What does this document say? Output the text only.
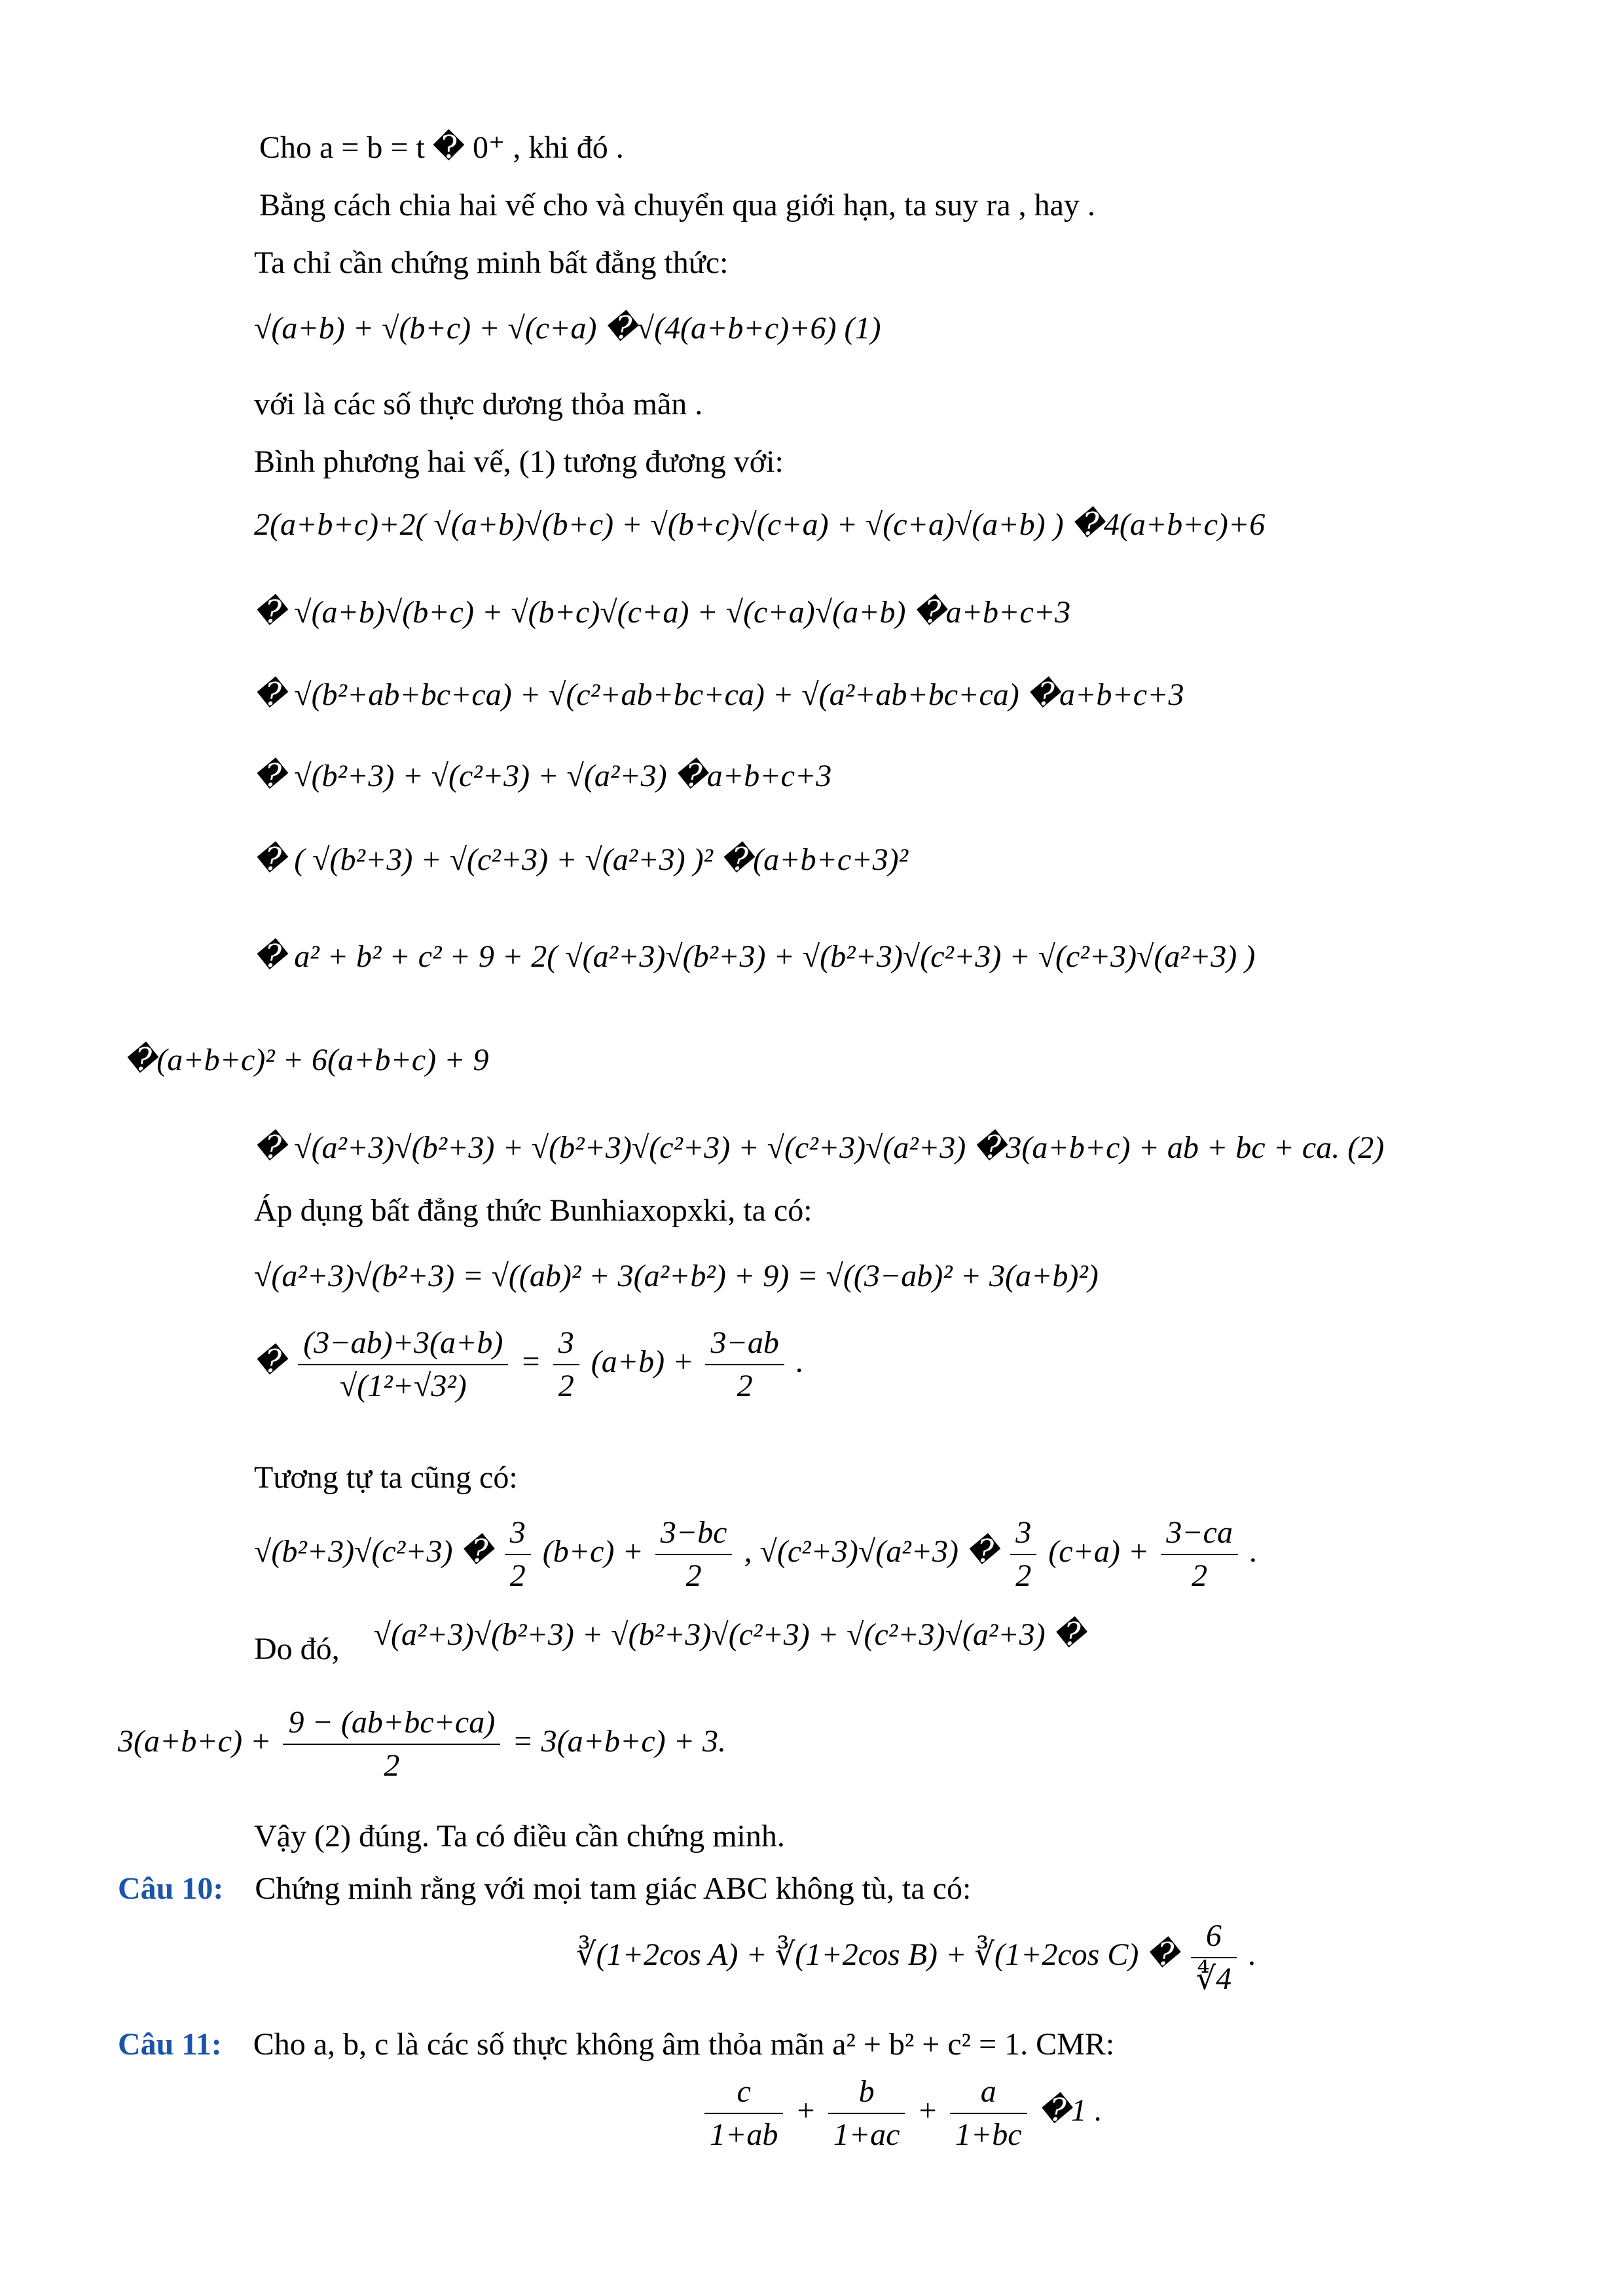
Cho a = b = t � 0⁺ , khi đó .
Bằng cách chia hai vế cho và chuyển qua giới hạn, ta suy ra , hay .
Ta chỉ cần chứng minh bất đẳng thức:
√(a+b) + √(b+c) + √(c+a) �√(4(a+b+c)+6) (1)
với là các số thực dương thỏa mãn .
Bình phương hai vế, (1) tương đương với:
2(a+b+c)+2( √(a+b)√(b+c) + √(b+c)√(c+a) + √(c+a)√(a+b) ) �4(a+b+c)+6
� √(a+b)√(b+c) + √(b+c)√(c+a) + √(c+a)√(a+b) �a+b+c+3
� √(b²+ab+bc+ca) + √(c²+ab+bc+ca) + √(a²+ab+bc+ca) �a+b+c+3
� √(b²+3) + √(c²+3) + √(a²+3) �a+b+c+3
� ( √(b²+3) + √(c²+3) + √(a²+3) )² �(a+b+c+3)²
� a² + b² + c² + 9 + 2( √(a²+3)√(b²+3) + √(b²+3)√(c²+3) + √(c²+3)√(a²+3) )
�(a+b+c)² + 6(a+b+c) + 9
� √(a²+3)√(b²+3) + √(b²+3)√(c²+3) + √(c²+3)√(a²+3) �3(a+b+c) + ab + bc + ca. (2)
Áp dụng bất đẳng thức Bunhiaxopxki, ta có:
√(a²+3)√(b²+3) = √((ab)² + 3(a²+b²) + 9) = √((3−ab)² + 3(a+b)²)
� $\frac{(3-ab)+3(a+b)}{\text{√(1²+√3²)}} = \frac{3}{2} (a+b) + \frac{3-ab}{2}$ .
Tương tự ta cũng có:
√(b²+3)√(c²+3) � $\frac{3}{2} (b+c) + \frac{3-bc}{2}$ , √(c²+3)√(a²+3) � $\frac{3}{2} (c+a) + \frac{3-ca}{2}$ .
Do đó, √(a²+3)√(b²+3) + √(b²+3)√(c²+3) + √(c²+3)√(a²+3) �
$3(a+b+c) + \frac{9 - (ab+bc+ca)}{2} = 3(a+b+c) + 3$.
Vậy (2) đúng. Ta có điều cần chứng minh.
Câu 10: Chứng minh rằng với mọi tam giác ABC không tù, ta có:
∛(1+2cos A) + ∛(1+2cos B) + ∛(1+2cos C) � $\frac{6}{∜4}$ .
Câu 11: Cho a, b, c là các số thực không âm thỏa mãn a² + b² + c² = 1. CMR:
$\frac{c}{1+ab} + \frac{b}{1+ac} + \frac{a}{1+bc}$ �1 .
